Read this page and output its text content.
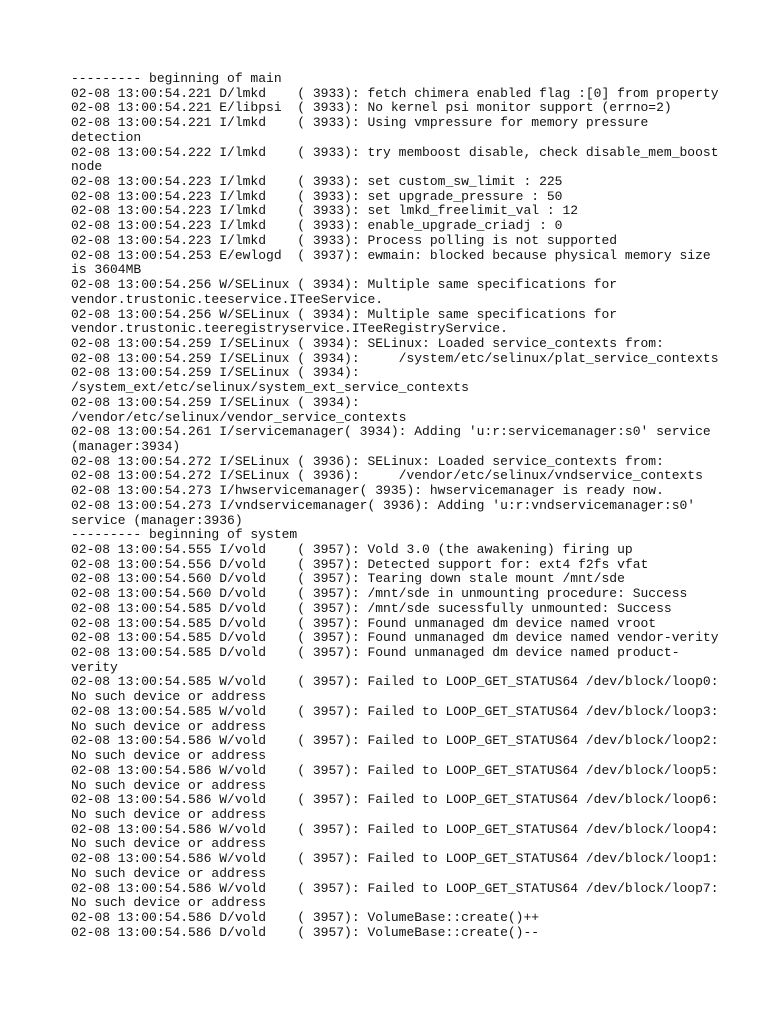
--------- beginning of main
02-08 13:00:54.221 D/lmkd    ( 3933): fetch chimera enabled flag :[0] from property
02-08 13:00:54.221 E/libpsi  ( 3933): No kernel psi monitor support (errno=2)
02-08 13:00:54.221 I/lmkd    ( 3933): Using vmpressure for memory pressure
detection
02-08 13:00:54.222 I/lmkd    ( 3933): try memboost disable, check disable_mem_boost
node
02-08 13:00:54.223 I/lmkd    ( 3933): set custom_sw_limit : 225
02-08 13:00:54.223 I/lmkd    ( 3933): set upgrade_pressure : 50
02-08 13:00:54.223 I/lmkd    ( 3933): set lmkd_freelimit_val : 12
02-08 13:00:54.223 I/lmkd    ( 3933): enable_upgrade_criadj : 0
02-08 13:00:54.223 I/lmkd    ( 3933): Process polling is not supported
02-08 13:00:54.253 E/ewlogd  ( 3937): ewmain: blocked because physical memory size
is 3604MB
02-08 13:00:54.256 W/SELinux ( 3934): Multiple same specifications for
vendor.trustonic.teeservice.ITeeService.
02-08 13:00:54.256 W/SELinux ( 3934): Multiple same specifications for
vendor.trustonic.teeregistryservice.ITeeRegistryService.
02-08 13:00:54.259 I/SELinux ( 3934): SELinux: Loaded service_contexts from:
02-08 13:00:54.259 I/SELinux ( 3934):     /system/etc/selinux/plat_service_contexts
02-08 13:00:54.259 I/SELinux ( 3934):
/system_ext/etc/selinux/system_ext_service_contexts
02-08 13:00:54.259 I/SELinux ( 3934):
/vendor/etc/selinux/vendor_service_contexts
02-08 13:00:54.261 I/servicemanager( 3934): Adding 'u:r:servicemanager:s0' service
(manager:3934)
02-08 13:00:54.272 I/SELinux ( 3936): SELinux: Loaded service_contexts from:
02-08 13:00:54.272 I/SELinux ( 3936):     /vendor/etc/selinux/vndservice_contexts
02-08 13:00:54.273 I/hwservicemanager( 3935): hwservicemanager is ready now.
02-08 13:00:54.273 I/vndservicemanager( 3936): Adding 'u:r:vndservicemanager:s0'
service (manager:3936)
--------- beginning of system
02-08 13:00:54.555 I/vold    ( 3957): Vold 3.0 (the awakening) firing up
02-08 13:00:54.556 D/vold    ( 3957): Detected support for: ext4 f2fs vfat
02-08 13:00:54.560 D/vold    ( 3957): Tearing down stale mount /mnt/sde
02-08 13:00:54.560 D/vold    ( 3957): /mnt/sde in unmounting procedure: Success
02-08 13:00:54.585 D/vold    ( 3957): /mnt/sde sucessfully unmounted: Success
02-08 13:00:54.585 D/vold    ( 3957): Found unmanaged dm device named vroot
02-08 13:00:54.585 D/vold    ( 3957): Found unmanaged dm device named vendor-verity
02-08 13:00:54.585 D/vold    ( 3957): Found unmanaged dm device named product-
verity
02-08 13:00:54.585 W/vold    ( 3957): Failed to LOOP_GET_STATUS64 /dev/block/loop0:
No such device or address
02-08 13:00:54.585 W/vold    ( 3957): Failed to LOOP_GET_STATUS64 /dev/block/loop3:
No such device or address
02-08 13:00:54.586 W/vold    ( 3957): Failed to LOOP_GET_STATUS64 /dev/block/loop2:
No such device or address
02-08 13:00:54.586 W/vold    ( 3957): Failed to LOOP_GET_STATUS64 /dev/block/loop5:
No such device or address
02-08 13:00:54.586 W/vold    ( 3957): Failed to LOOP_GET_STATUS64 /dev/block/loop6:
No such device or address
02-08 13:00:54.586 W/vold    ( 3957): Failed to LOOP_GET_STATUS64 /dev/block/loop4:
No such device or address
02-08 13:00:54.586 W/vold    ( 3957): Failed to LOOP_GET_STATUS64 /dev/block/loop1:
No such device or address
02-08 13:00:54.586 W/vold    ( 3957): Failed to LOOP_GET_STATUS64 /dev/block/loop7:
No such device or address
02-08 13:00:54.586 D/vold    ( 3957): VolumeBase::create()++
02-08 13:00:54.586 D/vold    ( 3957): VolumeBase::create()--
